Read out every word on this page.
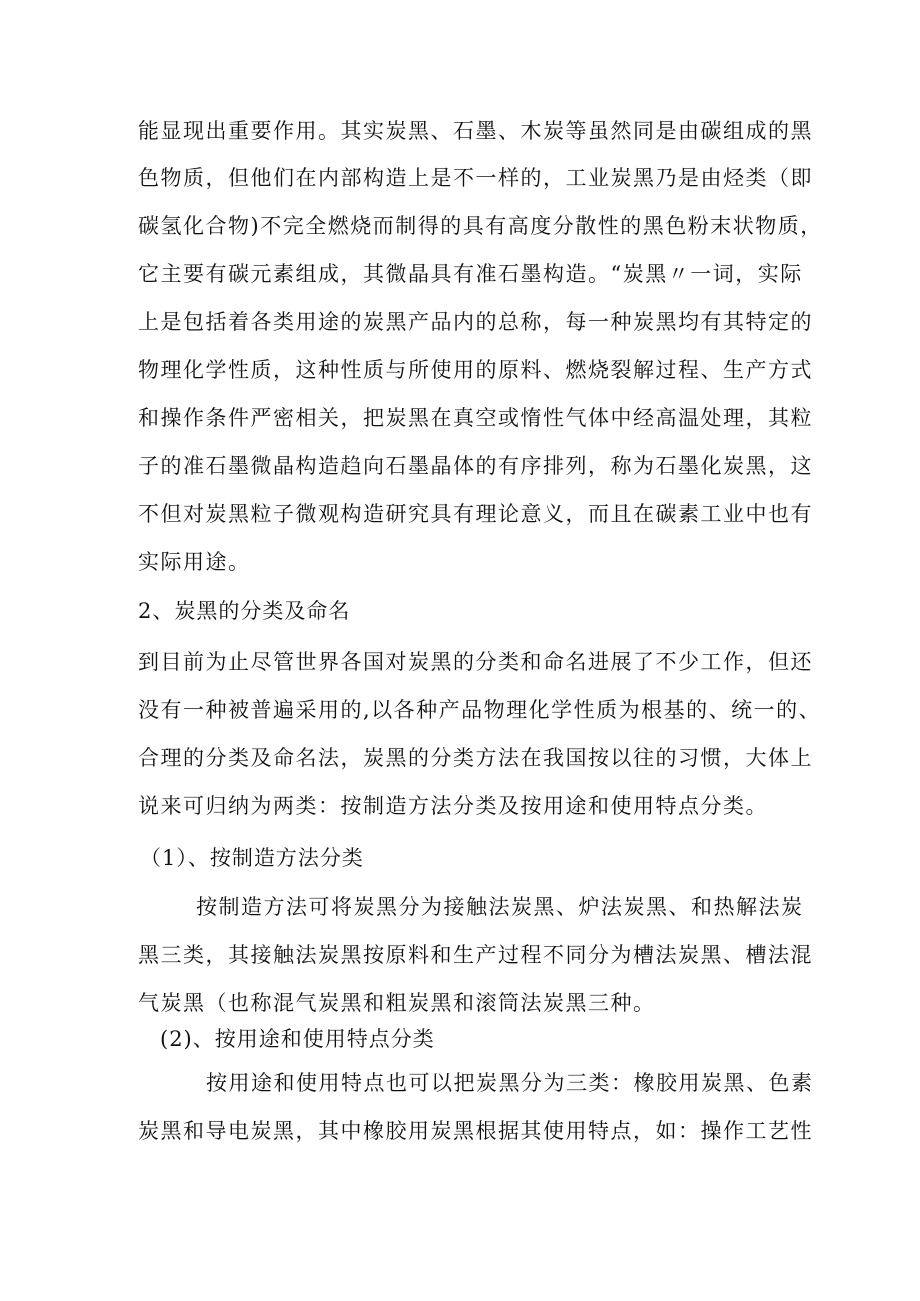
能显现出重要作用。其实炭黑、石墨、木炭等虽然同是由碳组成的黑
色物质，但他们在内部构造上是不一样的，工业炭黑乃是由烃类（即
碳氢化合物)不完全燃烧而制得的具有高度分散性的黑色粉末状物质，
它主要有碳元素组成，其微晶具有准石墨构造。“炭黑〃一词，实际
上是包括着各类用途的炭黑产品内的总称，每一种炭黑均有其特定的
物理化学性质，这种性质与所使用的原料、燃烧裂解过程、生产方式
和操作条件严密相关，把炭黑在真空或惰性气体中经高温处理，其粒
子的准石墨微晶构造趋向石墨晶体的有序排列，称为石墨化炭黑，这
不但对炭黑粒子微观构造研究具有理论意义，而且在碳素工业中也有
实际用途。
2、炭黑的分类及命名
到目前为止尽管世界各国对炭黑的分类和命名进展了不少工作，但还
没有一种被普遍采用的,以各种产品物理化学性质为根基的、统一的、
合理的分类及命名法，炭黑的分类方法在我国按以往的习惯，大体上
说来可归纳为两类：按制造方法分类及按用途和使用特点分类。
（1）、按制造方法分类
按制造方法可将炭黑分为接触法炭黑、炉法炭黑、和热解法炭
黑三类，其接触法炭黑按原料和生产过程不同分为槽法炭黑、槽法混
气炭黑（也称混气炭黑和粗炭黑和滚筒法炭黑三种。
(2)、按用途和使用特点分类
按用途和使用特点也可以把炭黑分为三类：橡胶用炭黑、色素
炭黑和导电炭黑，其中橡胶用炭黑根据其使用特点，如：操作工艺性
